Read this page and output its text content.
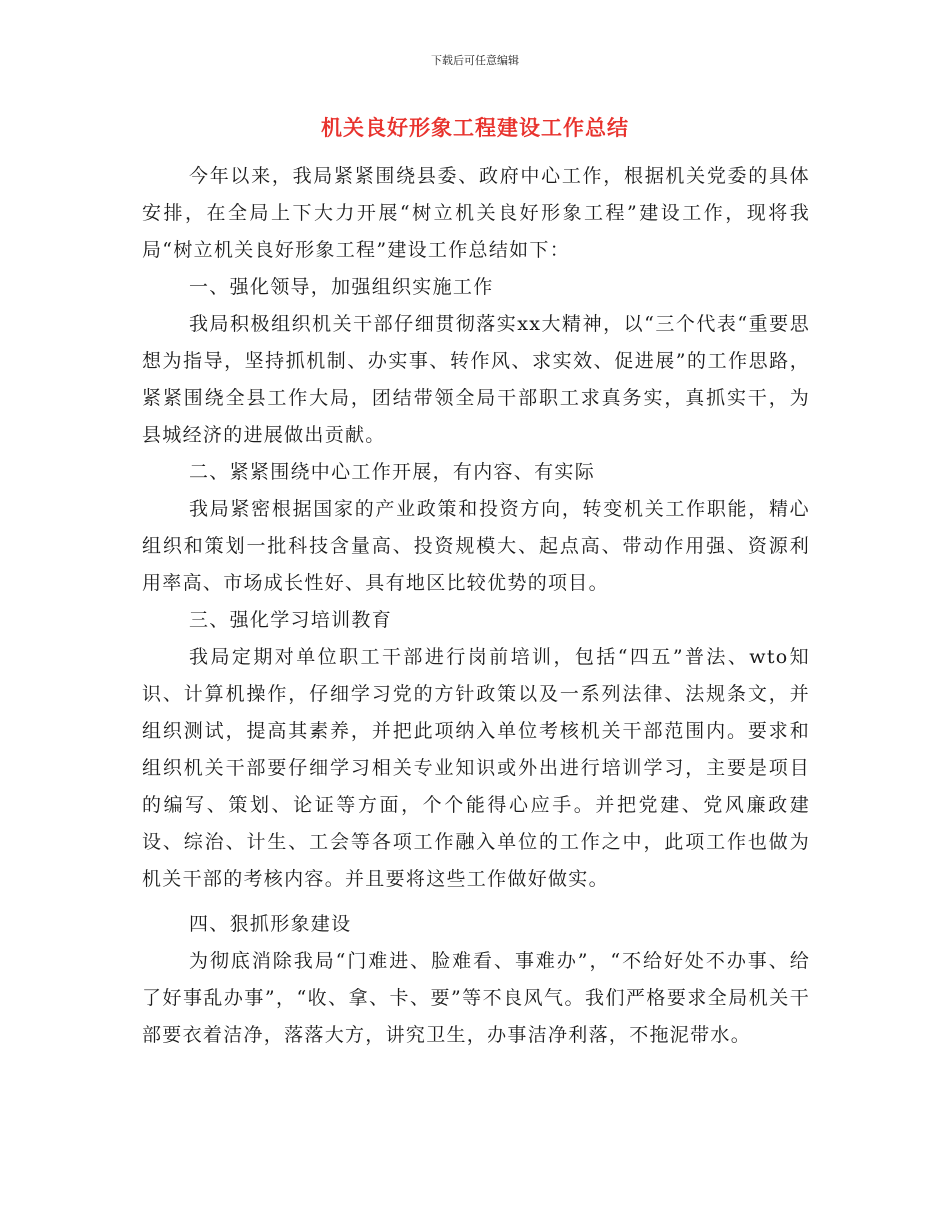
下载后可任意编辑
机关良好形象工程建设工作总结

今年以来，我局紧紧围绕县委、政府中心工作，根据机关党委的具体安排，在全局上下大力开展“树立机关良好形象工程”建设工作，现将我局“树立机关良好形象工程”建设工作总结如下：

一、强化领导，加强组织实施工作

我局积极组织机关干部仔细贯彻落实xx大精神，以“三个代表“重要思想为指导，坚持抓机制、办实事、转作风、求实效、促进展”的工作思路，紧紧围绕全县工作大局，团结带领全局干部职工求真务实，真抓实干，为县城经济的进展做出贡献。

二、紧紧围绕中心工作开展，有内容、有实际

我局紧密根据国家的产业政策和投资方向，转变机关工作职能，精心组织和策划一批科技含量高、投资规模大、起点高、带动作用强、资源利用率高、市场成长性好、具有地区比较优势的项目。

三、强化学习培训教育

我局定期对单位职工干部进行岗前培训，包括“四五”普法、wto知识、计算机操作，仔细学习党的方针政策以及一系列法律、法规条文，并组织测试，提高其素养，并把此项纳入单位考核机关干部范围内。要求和组织机关干部要仔细学习相关专业知识或外出进行培训学习，主要是项目的编写、策划、论证等方面，个个能得心应手。并把党建、党风廉政建设、综治、计生、工会等各项工作融入单位的工作之中，此项工作也做为机关干部的考核内容。并且要将这些工作做好做实。

四、狠抓形象建设

为彻底消除我局“门难进、脸难看、事难办”，“不给好处不办事、给了好事乱办事”，“收、拿、卡、要”等不良风气。我们严格要求全局机关干部要衣着洁净，落落大方，讲究卫生，办事洁净利落，不拖泥带水。
